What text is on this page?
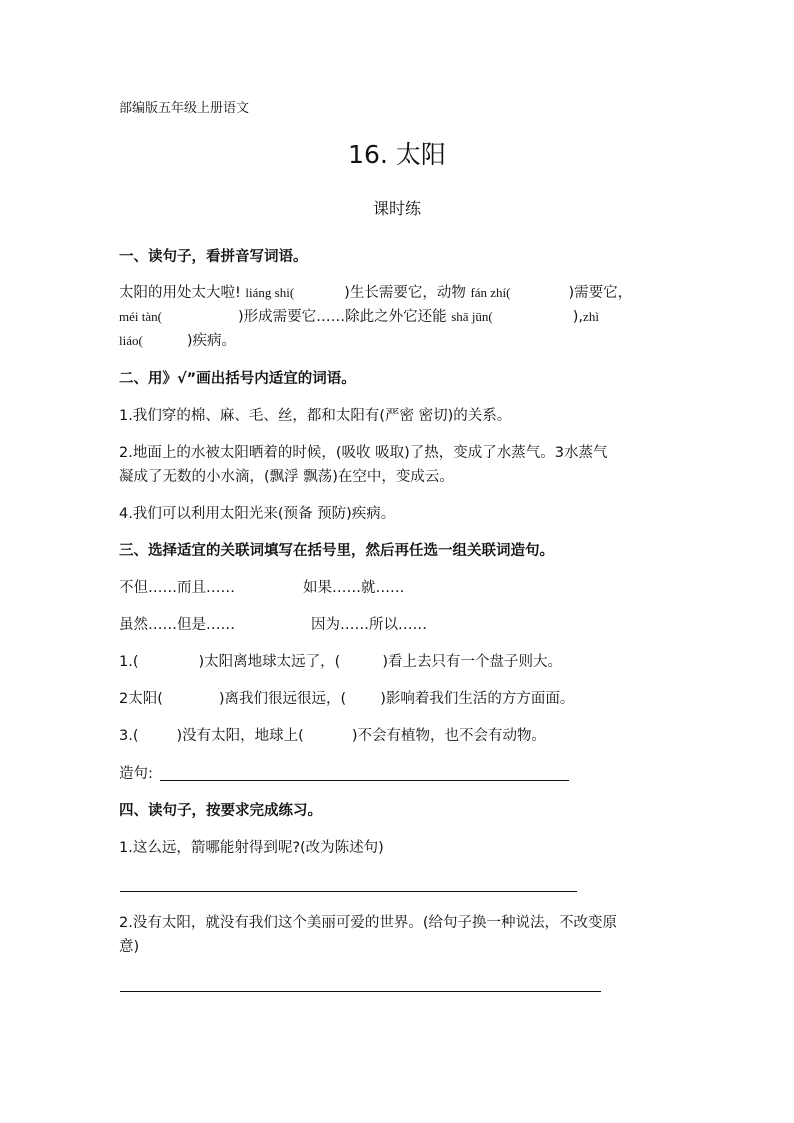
部编版五年级上册语文
16. 太阳
课时练
一、读句子，看拼音写词语。
太阳的用处太大啦! liáng shi(	)生长需要它，动物 fán zhí(	)需要它，
méi tàn(	)形成需要它……除此之外它还能 shā jūn(	),zhì
liáo(	)疾病。
二、用》√”画出括号内适宜的词语。
1.我们穿的棉、麻、毛、丝，都和太阳有(严密 密切)的关系。
2.地面上的水被太阳晒着的时候，(吸收 吸取)了热，变成了水蒸气。3水蒸气
凝成了无数的小水滴，(飘浮 飘荡)在空中，变成云。
4.我们可以利用太阳光来(预备 预防)疾病。
三、选择适宜的关联词填写在括号里，然后再任选一组关联词造句。
不但……而且……	如果……就……
虽然……但是……	因为……所以……
1.(	)太阳离地球太远了，(	)看上去只有一个盘子则大。
2太阳(	)离我们很远很远，( )影响着我们生活的方方面面。
3.(	)没有太阳，地球上(	)不会有植物，也不会有动物。
造句:
四、读句子，按要求完成练习。
1.这么远，箭哪能射得到呢?(改为陈述句)
2.没有太阳，就没有我们这个美丽可爱的世界。(给句子换一种说法，不改变原
意)
